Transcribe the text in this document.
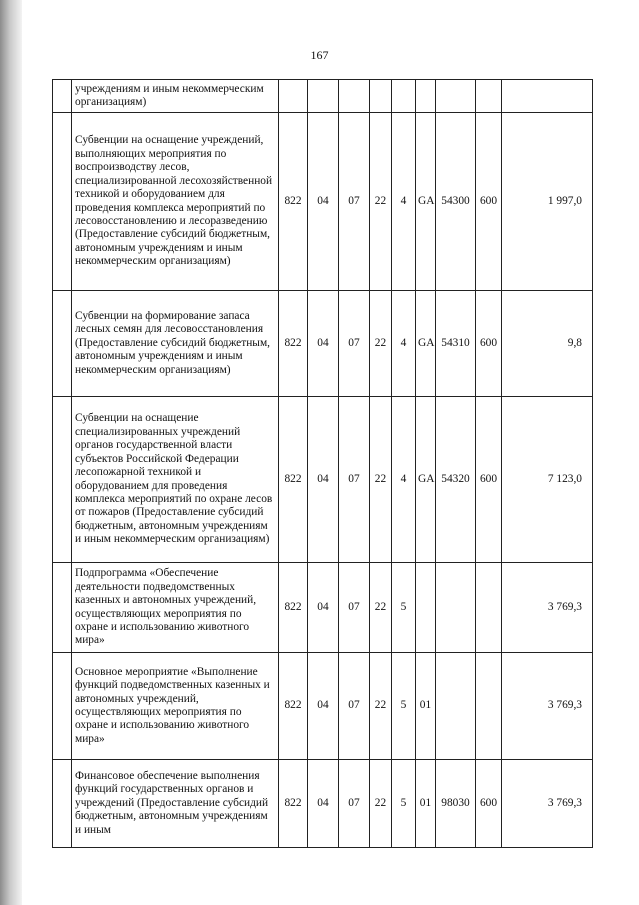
167
	учреждениям и иным некоммерческим организациям)									
	Субвенции на оснащение учреждений, выполняющих мероприятия по воспроизводству лесов, специализированной лесохозяйственной техникой и оборудованием для проведения комплекса мероприятий по лесовосстановлению и лесоразведению (Предоставление субсидий бюджетным, автономным учреждениям и иным некоммерческим организациям)	822	04	07	22	4	GA	54300	600	1 997,0
	Субвенции на формирование запаса лесных семян для лесовосстановления (Предоставление субсидий бюджетным, автономным учреждениям и иным некоммерческим организациям)	822	04	07	22	4	GA	54310	600	9,8
	Субвенции на оснащение специализированных учреждений органов государственной власти субъектов Российской Федерации лесопожарной техникой и оборудованием для проведения комплекса мероприятий по охране лесов от пожаров (Предоставление субсидий бюджетным, автономным учреждениям и иным некоммерческим организациям)	822	04	07	22	4	GA	54320	600	7 123,0
	Подпрограмма «Обеспечение деятельности подведомственных казенных и автономных учреждений, осуществляющих мероприятия по охране и использованию животного мира»	822	04	07	22	5				3 769,3
	Основное мероприятие «Выполнение функций подведомственных казенных и автономных учреждений, осуществляющих мероприятия по охране и использованию животного мира»	822	04	07	22	5	01			3 769,3
	Финансовое обеспечение выполнения функций государственных органов и учреждений (Предоставление субсидий бюджетным, автономным учреждениям и иным	822	04	07	22	5	01	98030	600	3 769,3
